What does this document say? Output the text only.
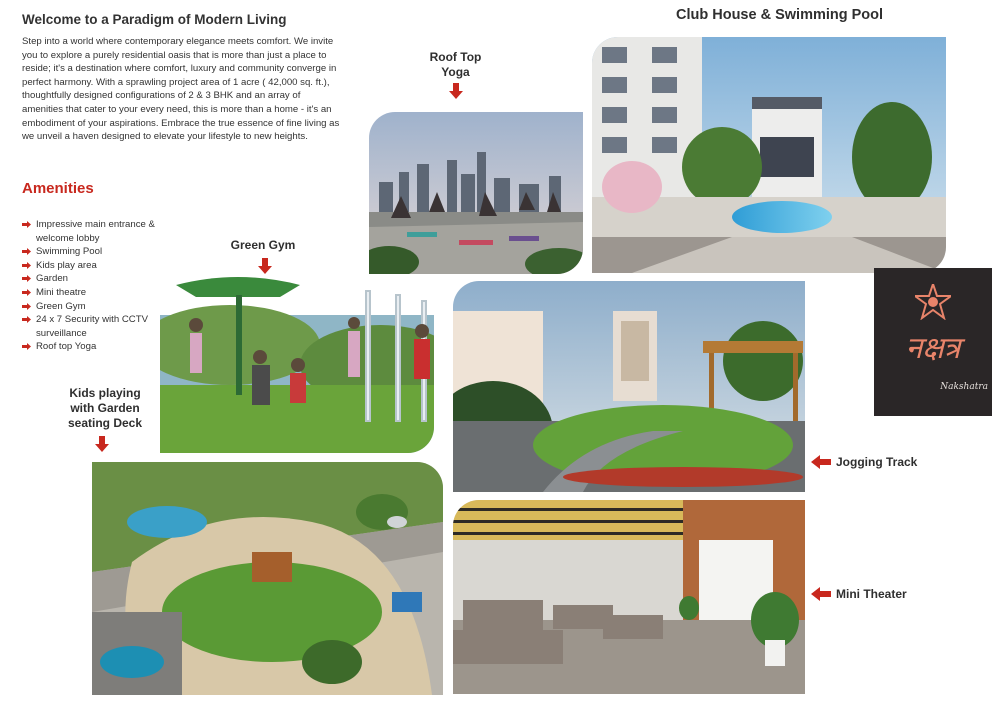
Welcome to a Paradigm of Modern Living
Step into a world where contemporary elegance meets comfort. We invite you to explore a purely residential oasis that is more than just a place to reside; it's a destination where comfort, luxury and community converge in perfect harmony. With a sprawling project area of 1 acre ( 42,000 sq. ft.), thoughtfully designed configurations of 2 & 3 BHK and an array of amenities that cater to your every need, this is more than a home - it's an embodiment of your aspirations. Embrace the true essence of fine living as we unveil a haven designed to elevate your lifestyle to new heights.
Amenities
Impressive main entrance & welcome lobby
Swimming Pool
Kids play area
Garden
Mini theatre
Green Gym
24 x 7 Security with CCTV surveillance
Roof top Yoga
Club House & Swimming Pool
Roof Top
Yoga
Green Gym
Kids playing
with Garden
seating Deck
Jogging Track
Mini Theater
नक्षत्र
Nakshatra
